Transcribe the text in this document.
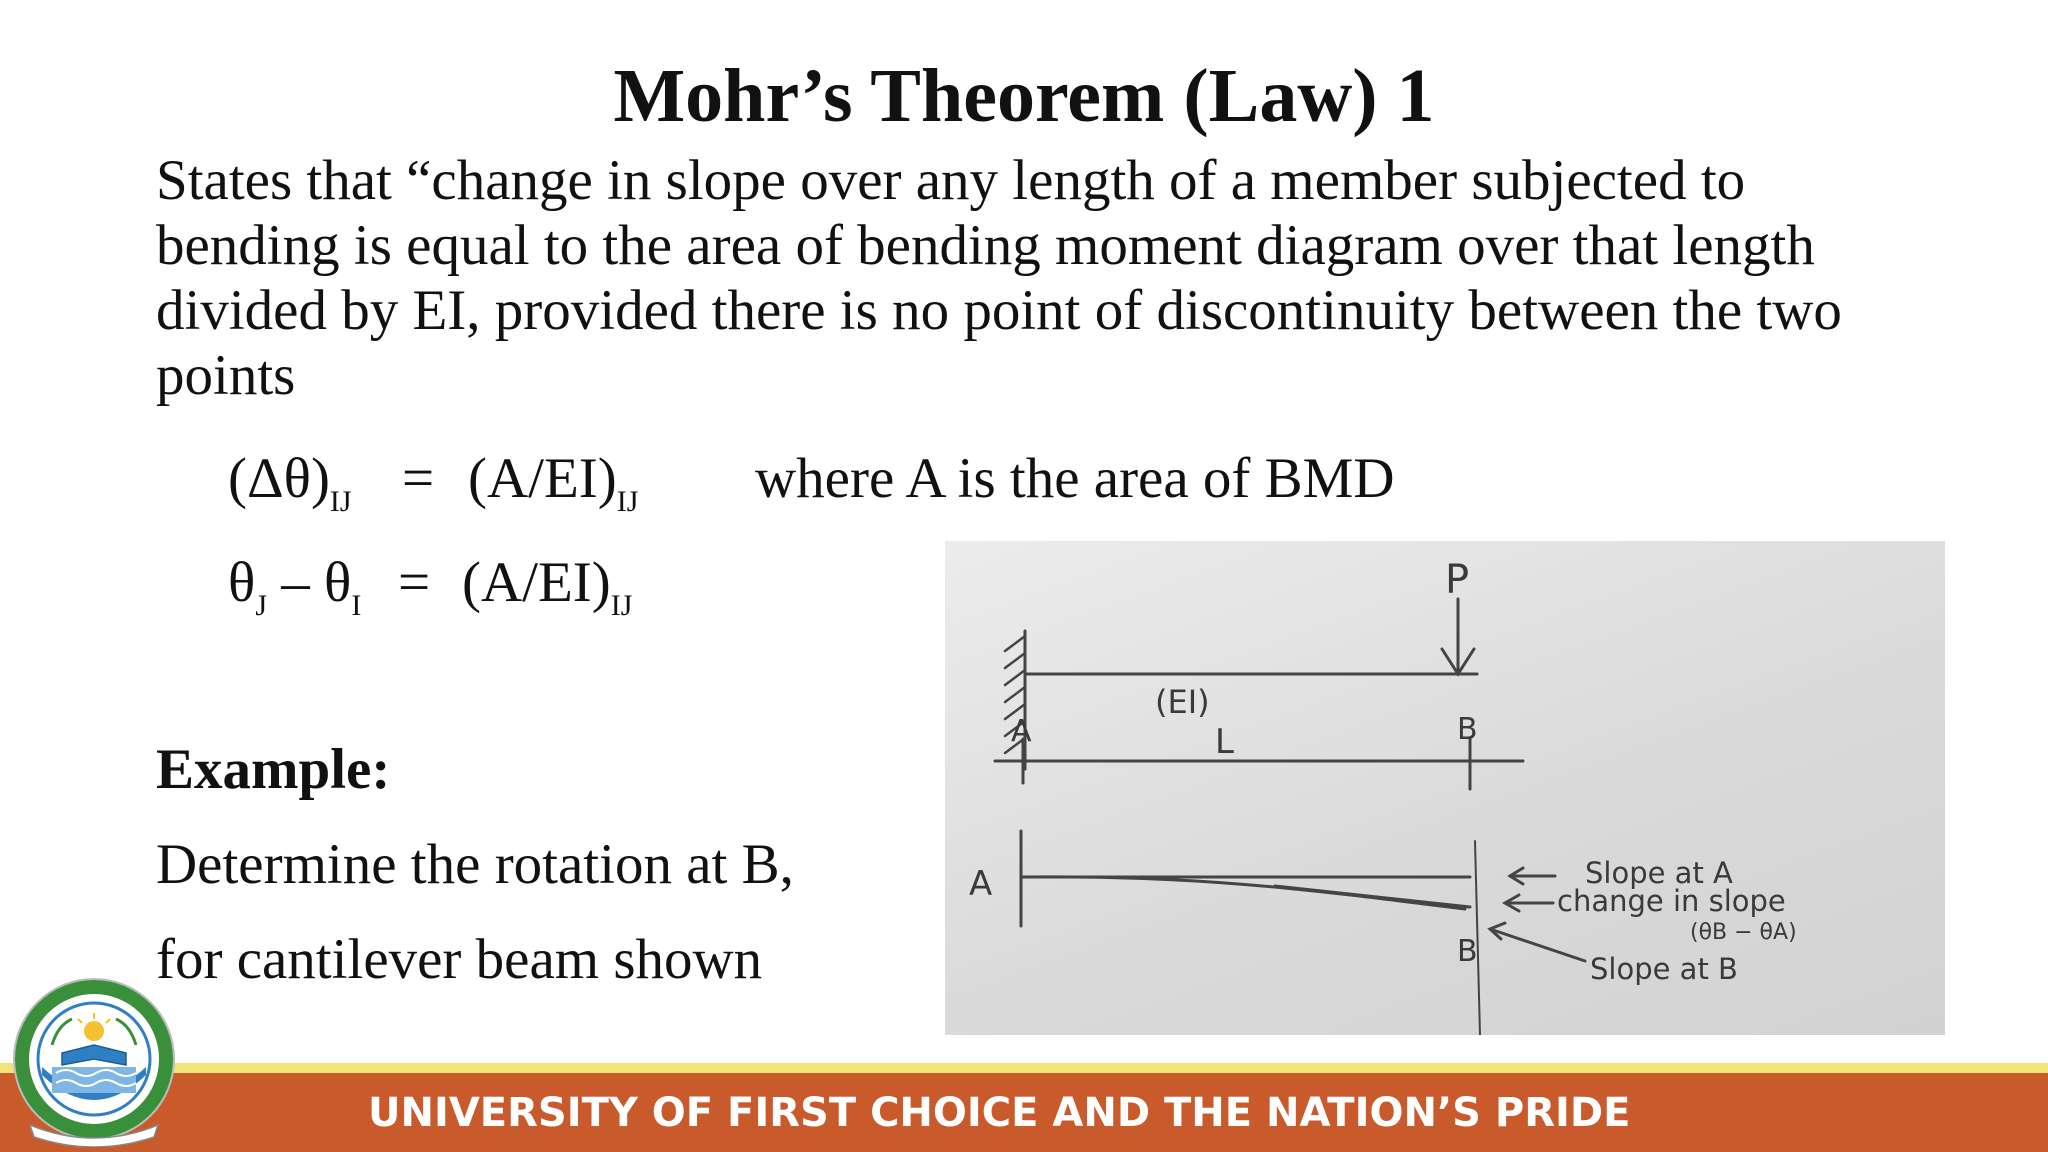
Mohr’s Theorem (Law) 1

States that “change in slope over any length of a member subjected to bending is equal to the area of bending moment diagram over that length divided by EI, provided there is no point of discontinuity between the two points

$(\Delta\theta)_{IJ} = (A/EI)_{IJ}$ where A is the area of BMD
$\theta_J - \theta_I = (A/EI)_{IJ}$
Example:
Determine the rotation at B,
for cantilever beam shown
P
(EI)
L
A	B
A
B
Slope at A
change in slope
(θB − θA)
Slope at B
UNIVERSITY OF FIRST CHOICE AND THE NATION’S PRIDE
